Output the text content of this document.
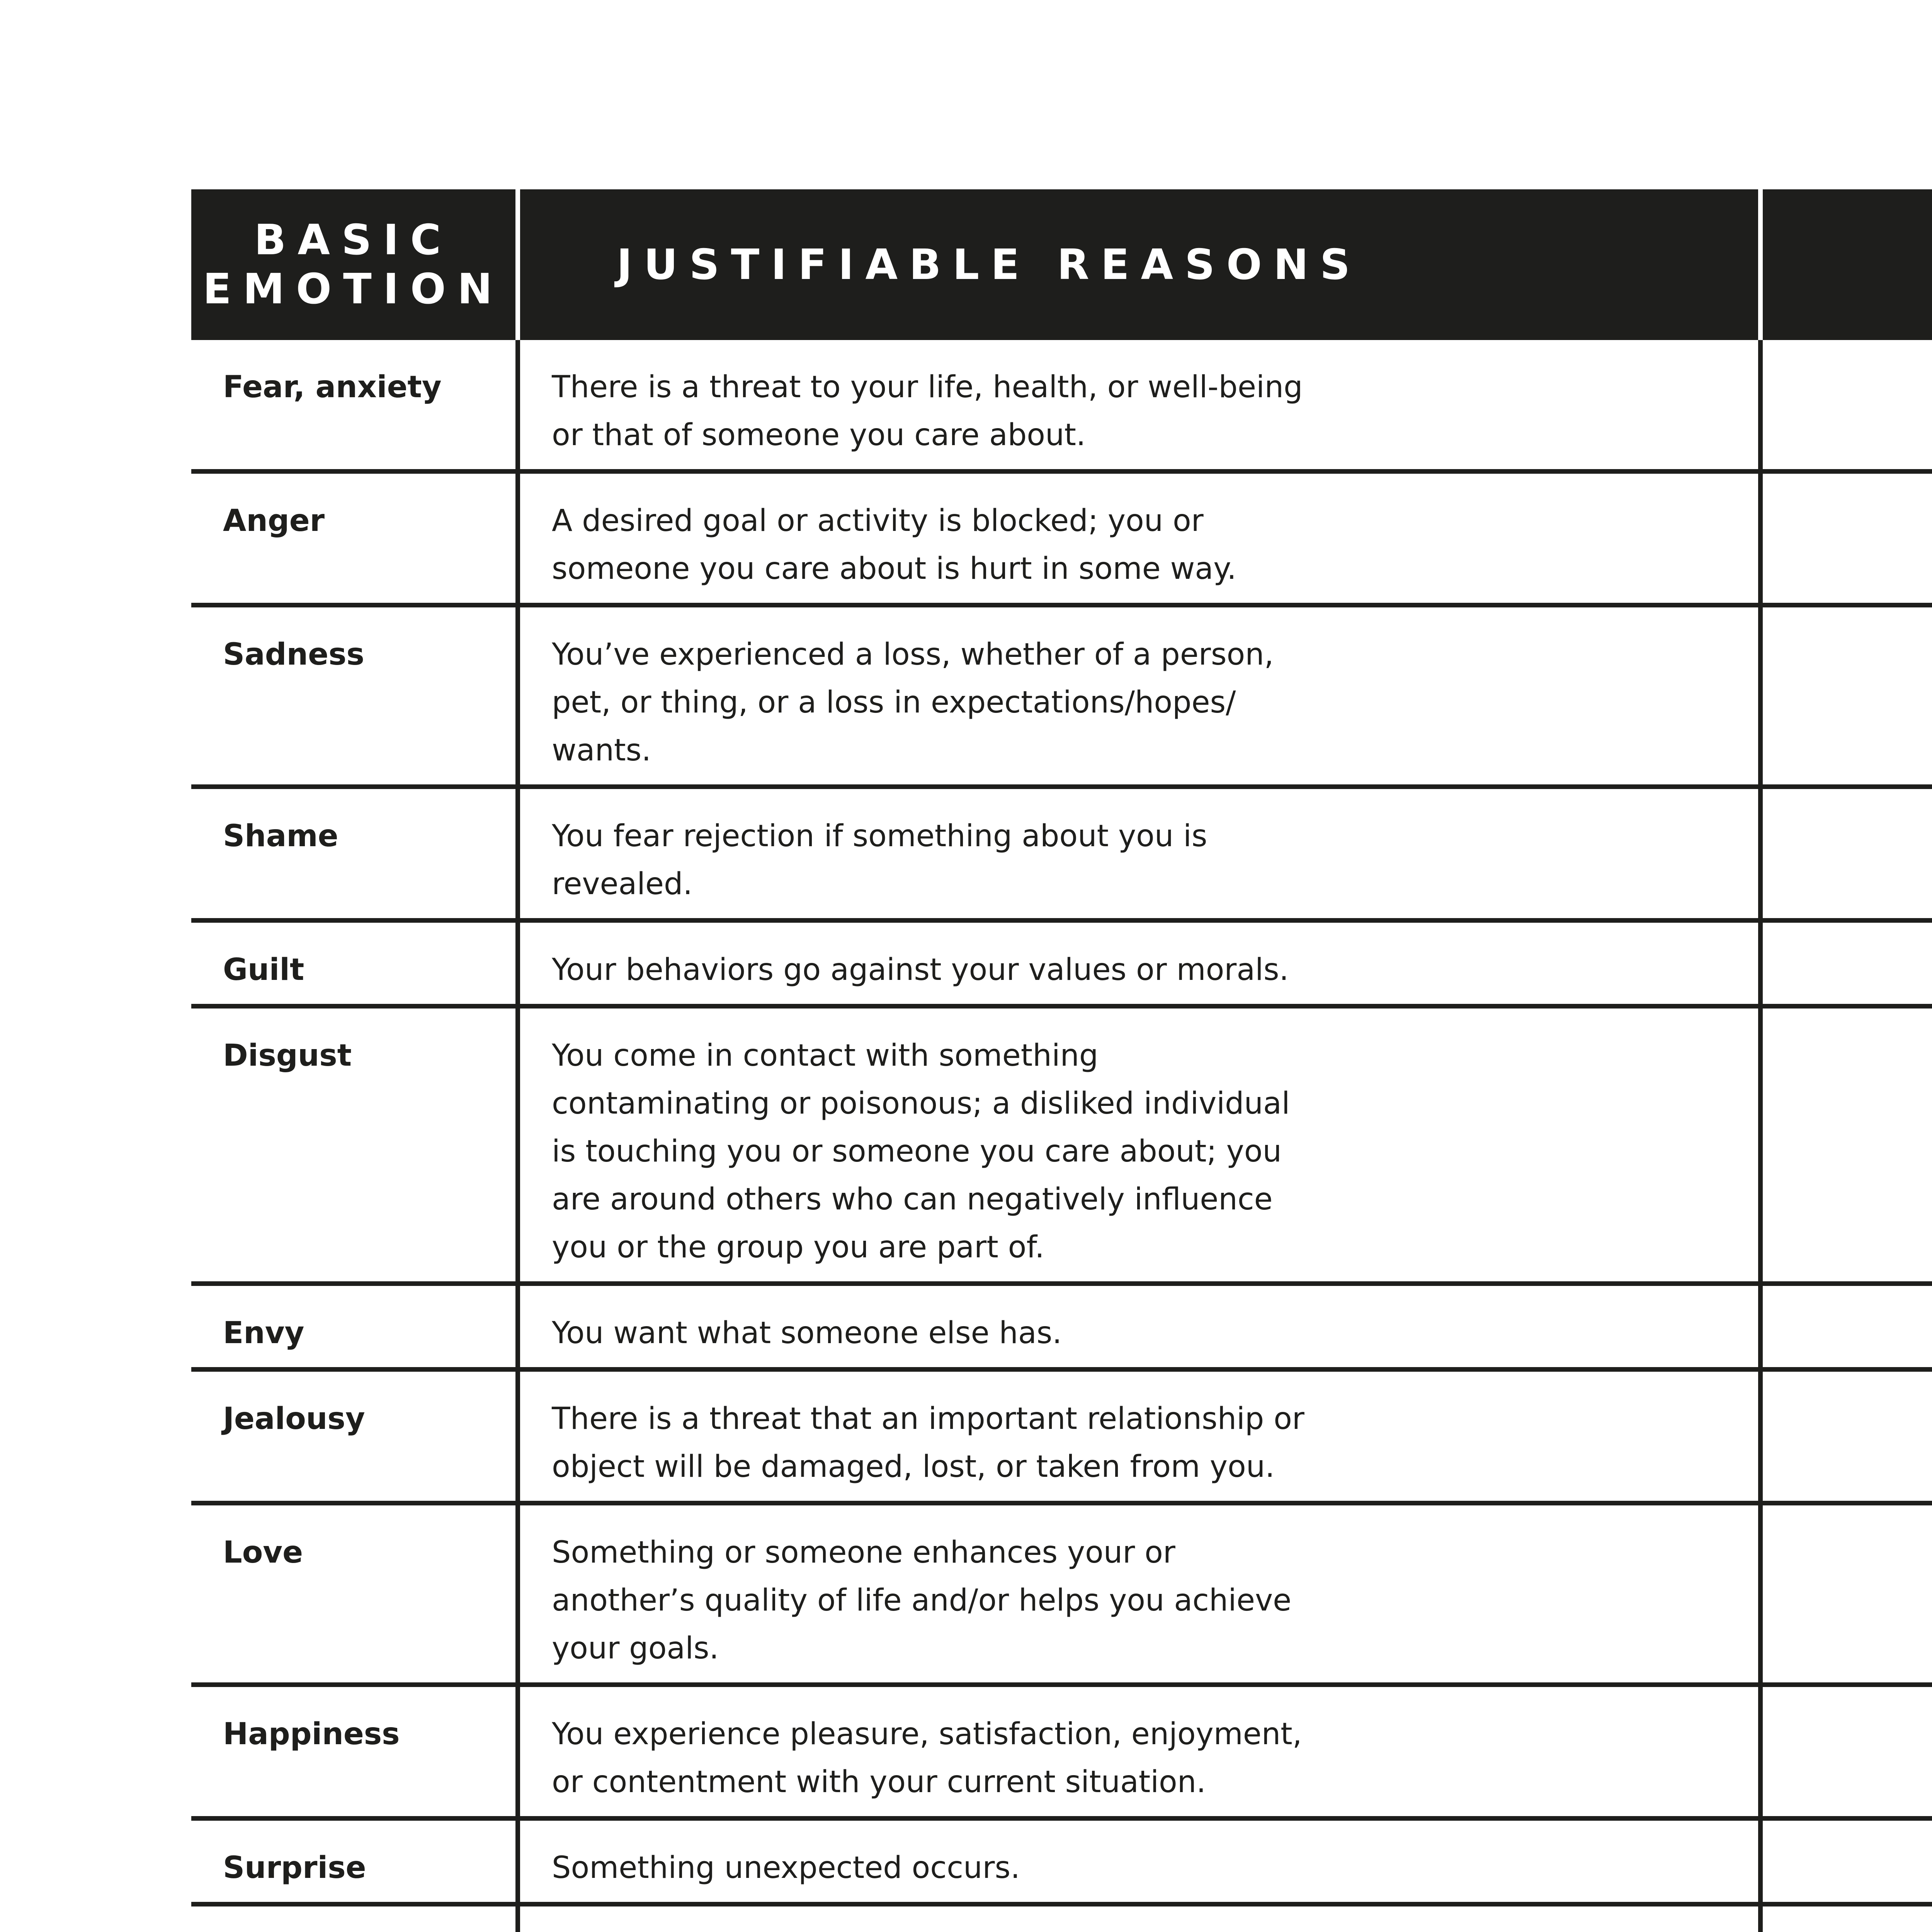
BASIC
EMOTION	JUSTIFIABLE REASONS

Fear, anxiety	There is a threat to your life, health, or well-being
or that of someone you care about.	

Anger	A desired goal or activity is blocked; you or
someone you care about is hurt in some way.	

Sadness	You’ve experienced a loss, whether of a person,
pet, or thing, or a loss in expectations/hopes/
wants.	

Shame	You fear rejection if something about you is
revealed.	

Guilt	Your behaviors go against your values or morals.	

Disgust	You come in contact with something
contaminating or poisonous; a disliked individual
is touching you or someone you care about; you
are around others who can negatively influence
you or the group you are part of.	

Envy	You want what someone else has.	

Jealousy	There is a threat that an important relationship or
object will be damaged, lost, or taken from you.	

Love	Something or someone enhances your or
another’s quality of life and/or helps you achieve
your goals.	

Happiness	You experience pleasure, satisfaction, enjoyment,
or contentment with your current situation.	

Surprise	Something unexpected occurs.	
